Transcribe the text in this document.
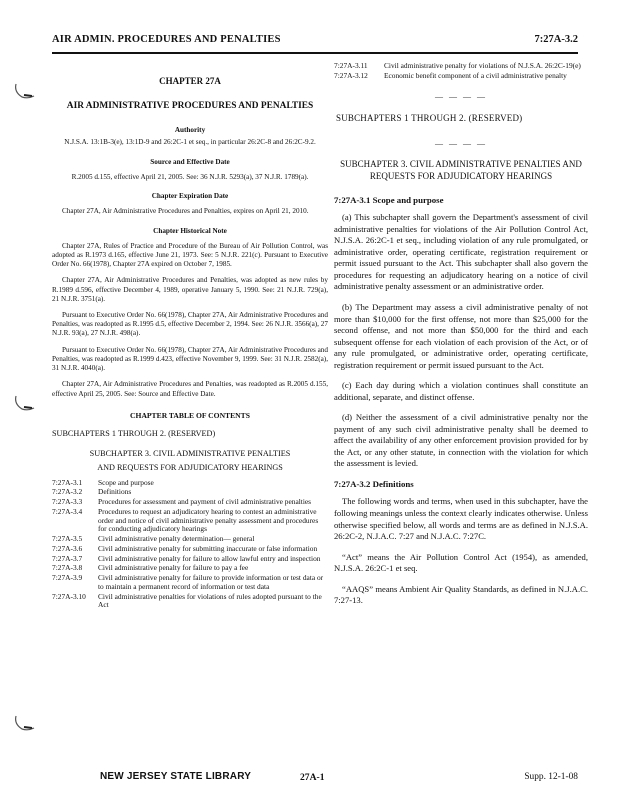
AIR ADMIN. PROCEDURES AND PENALTIES	7:27A-3.2
CHAPTER 27A
AIR ADMINISTRATIVE PROCEDURES AND PENALTIES
Authority
N.J.S.A. 13:1B-3(e), 13:1D-9 and 26:2C-1 et seq., in particular 26:2C-8 and 26:2C-9.2.
Source and Effective Date
R.2005 d.155, effective April 21, 2005. See: 36 N.J.R. 5293(a), 37 N.J.R. 1789(a).
Chapter Expiration Date

Chapter 27A, Air Administrative Procedures and Penalties, expires on April 21, 2010.

Chapter Historical Note

Chapter 27A, Rules of Practice and Procedure of the Bureau of Air Pollution Control, was adopted as R.1973 d.165, effective June 21, 1973. See: 5 N.J.R. 221(c). Pursuant to Executive Order No. 66(1978), Chapter 27A expired on October 7, 1985.

Chapter 27A, Air Administrative Procedures and Penalties, was adopted as new rules by R.1989 d.596, effective December 4, 1989, operative January 5, 1990. See: 21 N.J.R. 729(a), 21 N.J.R. 3751(a).

Pursuant to Executive Order No. 66(1978), Chapter 27A, Air Administrative Procedures and Penalties, was readopted as R.1995 d.5, effective December 2, 1994. See: 26 N.J.R. 3566(a), 27 N.J.R. 93(a), 27 N.J.R. 498(a).

Pursuant to Executive Order No. 66(1978), Chapter 27A, Air Administrative Procedures and Penalties, was readopted as R.1999 d.423, effective November 9, 1999. See: 31 N.J.R. 2582(a), 31 N.J.R. 4040(a).

Chapter 27A, Air Administrative Procedures and Penalties, was readopted as R.2005 d.155, effective April 25, 2005. See: Source and Effective Date.

CHAPTER TABLE OF CONTENTS
SUBCHAPTERS 1 THROUGH 2. (RESERVED)
SUBCHAPTER 3. CIVIL ADMINISTRATIVE PENALTIES
AND REQUESTS FOR ADJUDICATORY HEARINGS
7:27A-3.1	Scope and purpose
7:27A-3.2	Definitions
7:27A-3.3	Procedures for assessment and payment of civil administrative penalties
7:27A-3.4	Procedures to request an adjudicatory hearing to contest an administrative order and notice of civil administrative penalty assessment and procedures for conducting adjudicatory hearings
7:27A-3.5	Civil administrative penalty determination— general
7:27A-3.6	Civil administrative penalty for submitting inaccurate or false information
7:27A-3.7	Civil administrative penalty for failure to allow lawful entry and inspection
7:27A-3.8	Civil administrative penalty for failure to pay a fee
7:27A-3.9	Civil administrative penalty for failure to provide information or test data or to maintain a permanent record of information or test data
7:27A-3.10	Civil administrative penalties for violations of rules adopted pursuant to the Act
7:27A-3.11	Civil administrative penalty for violations of N.J.S.A. 26:2C-19(e)
7:27A-3.12	Economic benefit component of a civil administrative penalty
— — — —
SUBCHAPTERS 1 THROUGH 2. (RESERVED)
— — — —
SUBCHAPTER 3. CIVIL ADMINISTRATIVE PENALTIES AND REQUESTS FOR ADJUDICATORY HEARINGS
7:27A-3.1 Scope and purpose

(a) This subchapter shall govern the Department's assessment of civil administrative penalties for violations of the Air Pollution Control Act, N.J.S.A. 26:2C-1 et seq., including violation of any rule promulgated, or administrative order, operating certificate, registration requirement or permit issued pursuant to the Act. This subchapter shall also govern the procedures for requesting an adjudicatory hearing on a notice of civil administrative penalty assessment or an administrative order.

(b) The Department may assess a civil administrative penalty of not more than $10,000 for the first offense, not more than $25,000 for the second offense, and not more than $50,000 for the third and each subsequent offense for each violation of each provision of the Act, or of any rule promulgated, or administrative order, operating certificate, registration requirement or permit issued pursuant to the Act.

(c) Each day during which a violation continues shall constitute an additional, separate, and distinct offense.

(d) Neither the assessment of a civil administrative penalty nor the payment of any such civil administrative penalty shall be deemed to affect the availability of any other enforcement provision provided for by the Act, or any other statute, in connection with the violation for which the assessment is levied.

7:27A-3.2 Definitions

The following words and terms, when used in this subchapter, have the following meanings unless the context clearly indicates otherwise. Unless otherwise specified below, all words and terms are as defined in N.J.S.A. 26:2C-2, N.J.A.C. 7:27 and N.J.A.C. 7:27C.

“Act” means the Air Pollution Control Act (1954), as amended, N.J.S.A. 26:2C-1 et seq.

“AAQS” means Ambient Air Quality Standards, as defined in N.J.A.C. 7:27-13.

NEW JERSEY STATE LIBRARY	27A-1	Supp. 12-1-08
